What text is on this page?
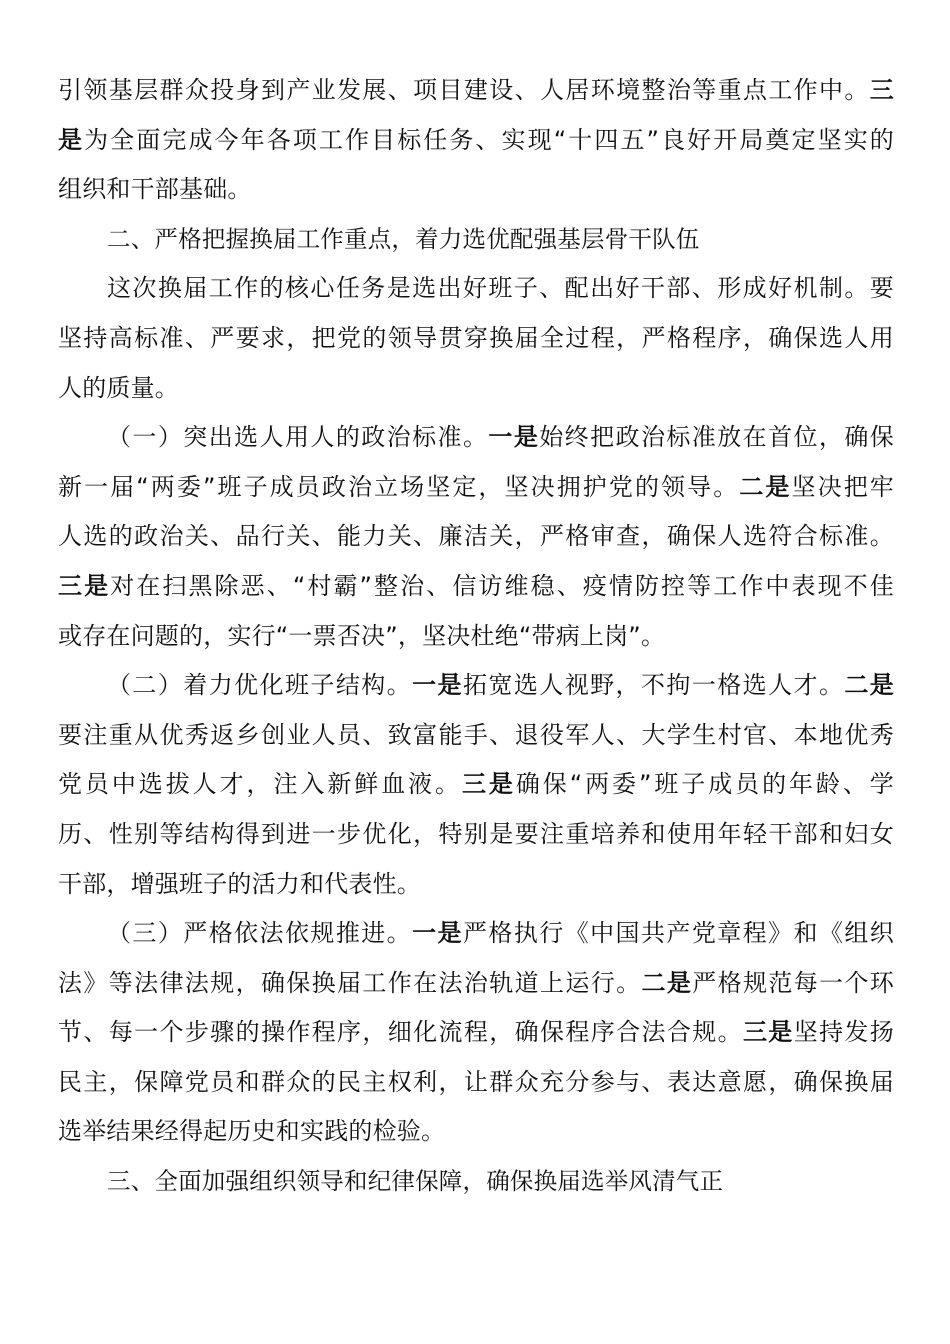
引领基层群众投身到产业发展、项目建设、人居环境整治等重点工作中。三
是为全面完成今年各项工作目标任务、实现“十四五”良好开局奠定坚实的
组织和干部基础。
二、严格把握换届工作重点，着力选优配强基层骨干队伍
这次换届工作的核心任务是选出好班子、配出好干部、形成好机制。要
坚持高标准、严要求，把党的领导贯穿换届全过程，严格程序，确保选人用
人的质量。
（一）突出选人用人的政治标准。一是始终把政治标准放在首位，确保
新一届“两委”班子成员政治立场坚定，坚决拥护党的领导。二是坚决把牢
人选的政治关、品行关、能力关、廉洁关，严格审查，确保人选符合标准。
三是对在扫黑除恶、“村霸”整治、信访维稳、疫情防控等工作中表现不佳
或存在问题的，实行“一票否决”，坚决杜绝“带病上岗”。
（二）着力优化班子结构。一是拓宽选人视野，不拘一格选人才。二是
要注重从优秀返乡创业人员、致富能手、退役军人、大学生村官、本地优秀
党员中选拔人才，注入新鲜血液。三是确保“两委”班子成员的年龄、学
历、性别等结构得到进一步优化，特别是要注重培养和使用年轻干部和妇女
干部，增强班子的活力和代表性。
（三）严格依法依规推进。一是严格执行《中国共产党章程》和《组织
法》等法律法规，确保换届工作在法治轨道上运行。二是严格规范每一个环
节、每一个步骤的操作程序，细化流程，确保程序合法合规。三是坚持发扬
民主，保障党员和群众的民主权利，让群众充分参与、表达意愿，确保换届
选举结果经得起历史和实践的检验。
三、全面加强组织领导和纪律保障，确保换届选举风清气正
